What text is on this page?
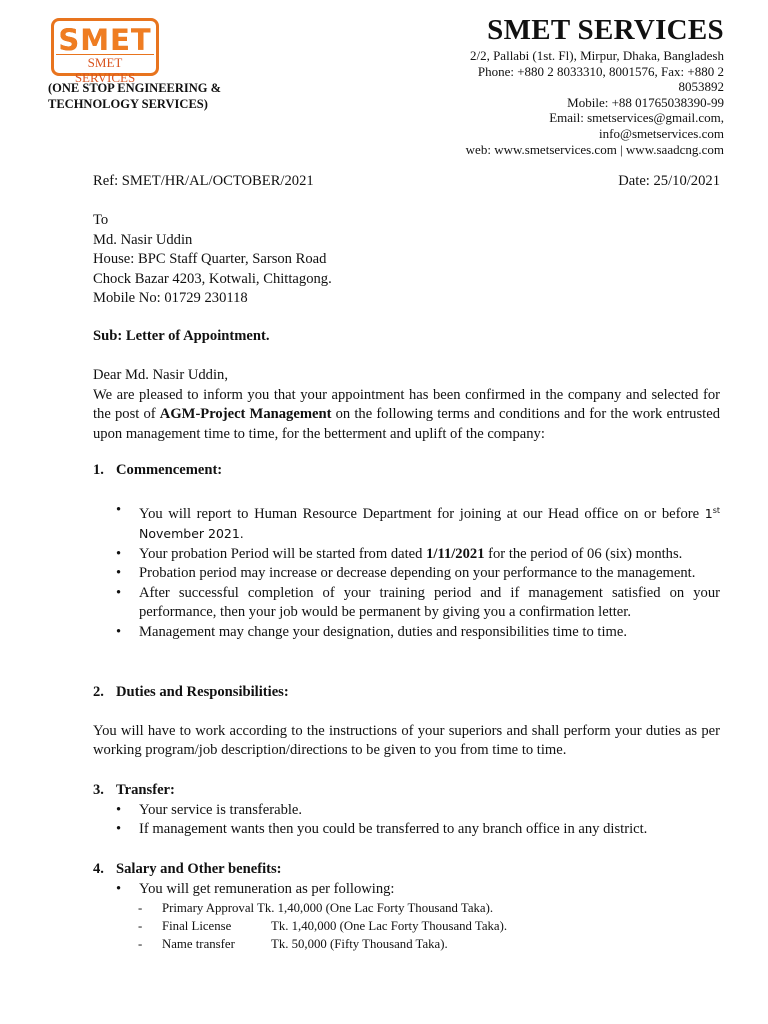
SMET
SMET SERVICES
(ONE STOP ENGINEERING & TECHNOLOGY SERVICES)
SMET SERVICES
2/2, Pallabi (1st. Fl), Mirpur, Dhaka, Bangladesh
Phone: +880 2 8033310, 8001576, Fax: +880 2
8053892
Mobile: +88 01765038390-99
Email: smetservices@gmail.com,
info@smetservices.com
web: www.smetservices.com | www.saadcng.com
Ref: SMET/HR/AL/OCTOBER/2021	Date: 25/10/2021
To
Md. Nasir Uddin
House: BPC Staff Quarter, Sarson Road
Chock Bazar 4203, Kotwali, Chittagong.
Mobile No: 01729 230118
Sub: Letter of Appointment.
Dear Md. Nasir Uddin,
We are pleased to inform you that your appointment has been confirmed in the company and selected for the post of AGM-Project Management on the following terms and conditions and for the work entrusted upon management time to time, for the betterment and uplift of the company:
1. Commencement:
• You will report to Human Resource Department for joining at our Head office on or before 1st November 2021.
• Your probation Period will be started from dated 1/11/2021 for the period of 06 (six) months.
• Probation period may increase or decrease depending on your performance to the management.
• After successful completion of your training period and if management satisfied on your performance, then your job would be permanent by giving you a confirmation letter.
• Management may change your designation, duties and responsibilities time to time.
2. Duties and Responsibilities:
You will have to work according to the instructions of your superiors and shall perform your duties as per working program/job description/directions to be given to you from time to time.
3. Transfer:
• Your service is transferable.
• If management wants then you could be transferred to any branch office in any district.
4. Salary and Other benefits:
• You will get remuneration as per following:
- Primary Approval Tk. 1,40,000 (One Lac Forty Thousand Taka).
- Final License	Tk. 1,40,000 (One Lac Forty Thousand Taka).
- Name transfer	Tk. 50,000 (Fifty Thousand Taka).
